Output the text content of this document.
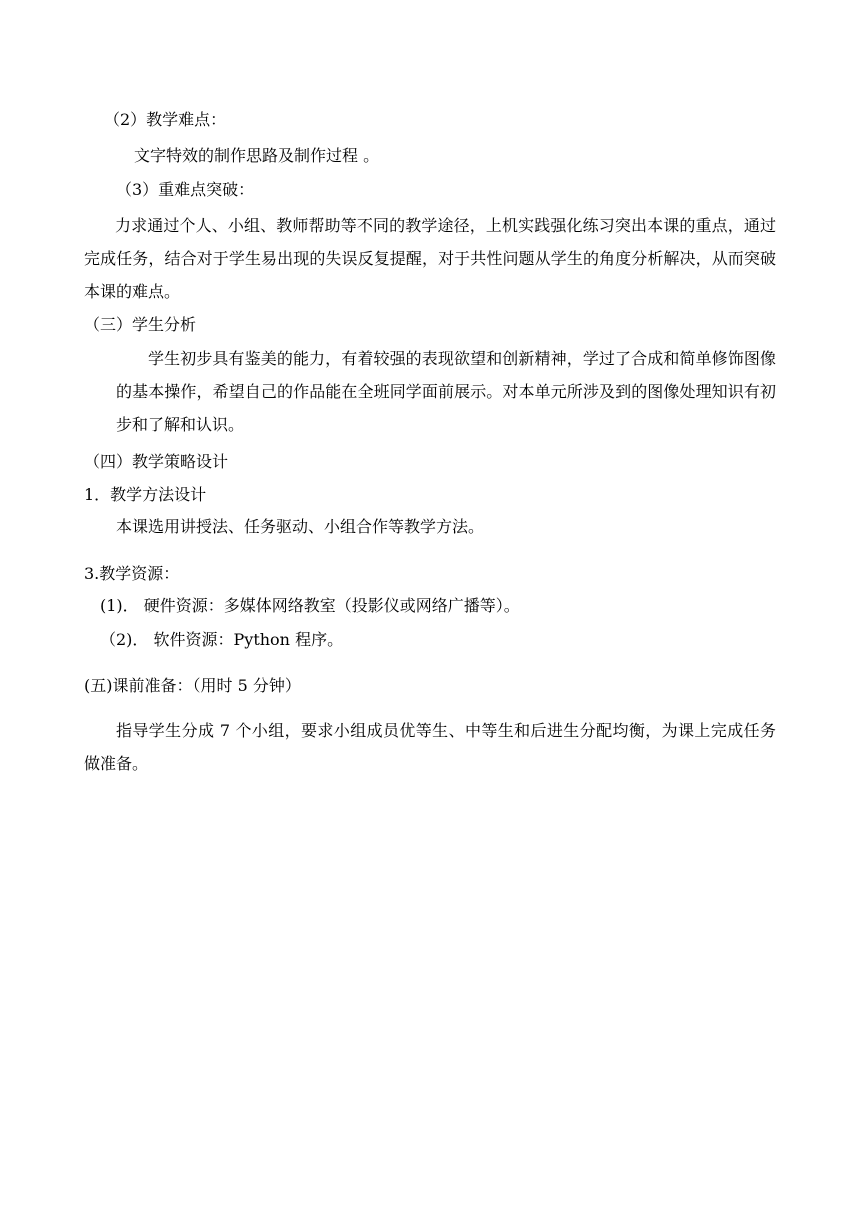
（2）教学难点：
文字特效的制作思路及制作过程 。
（3）重难点突破：

力求通过个人、小组、教师帮助等不同的教学途径，上机实践强化练习突出本课的重点，通过完成任务，结合对于学生易出现的失误反复提醒，对于共性问题从学生的角度分析解决，从而突破本课的难点。

（三）学生分析

学生初步具有鉴美的能力，有着较强的表现欲望和创新精神，学过了合成和简单修饰图像的基本操作，希望自己的作品能在全班同学面前展示。对本单元所涉及到的图像处理知识有初步和了解和认识。

（四）教学策略设计
1．教学方法设计
本课选用讲授法、任务驱动、小组合作等教学方法。
3.教学资源：
(1)． 硬件资源：多媒体网络教室（投影仪或网络广播等）。
（2)． 软件资源：Python 程序。
(五)课前准备：（用时 5 分钟）

指导学生分成 7 个小组，要求小组成员优等生、中等生和后进生分配均衡，为课上完成任务做准备。
